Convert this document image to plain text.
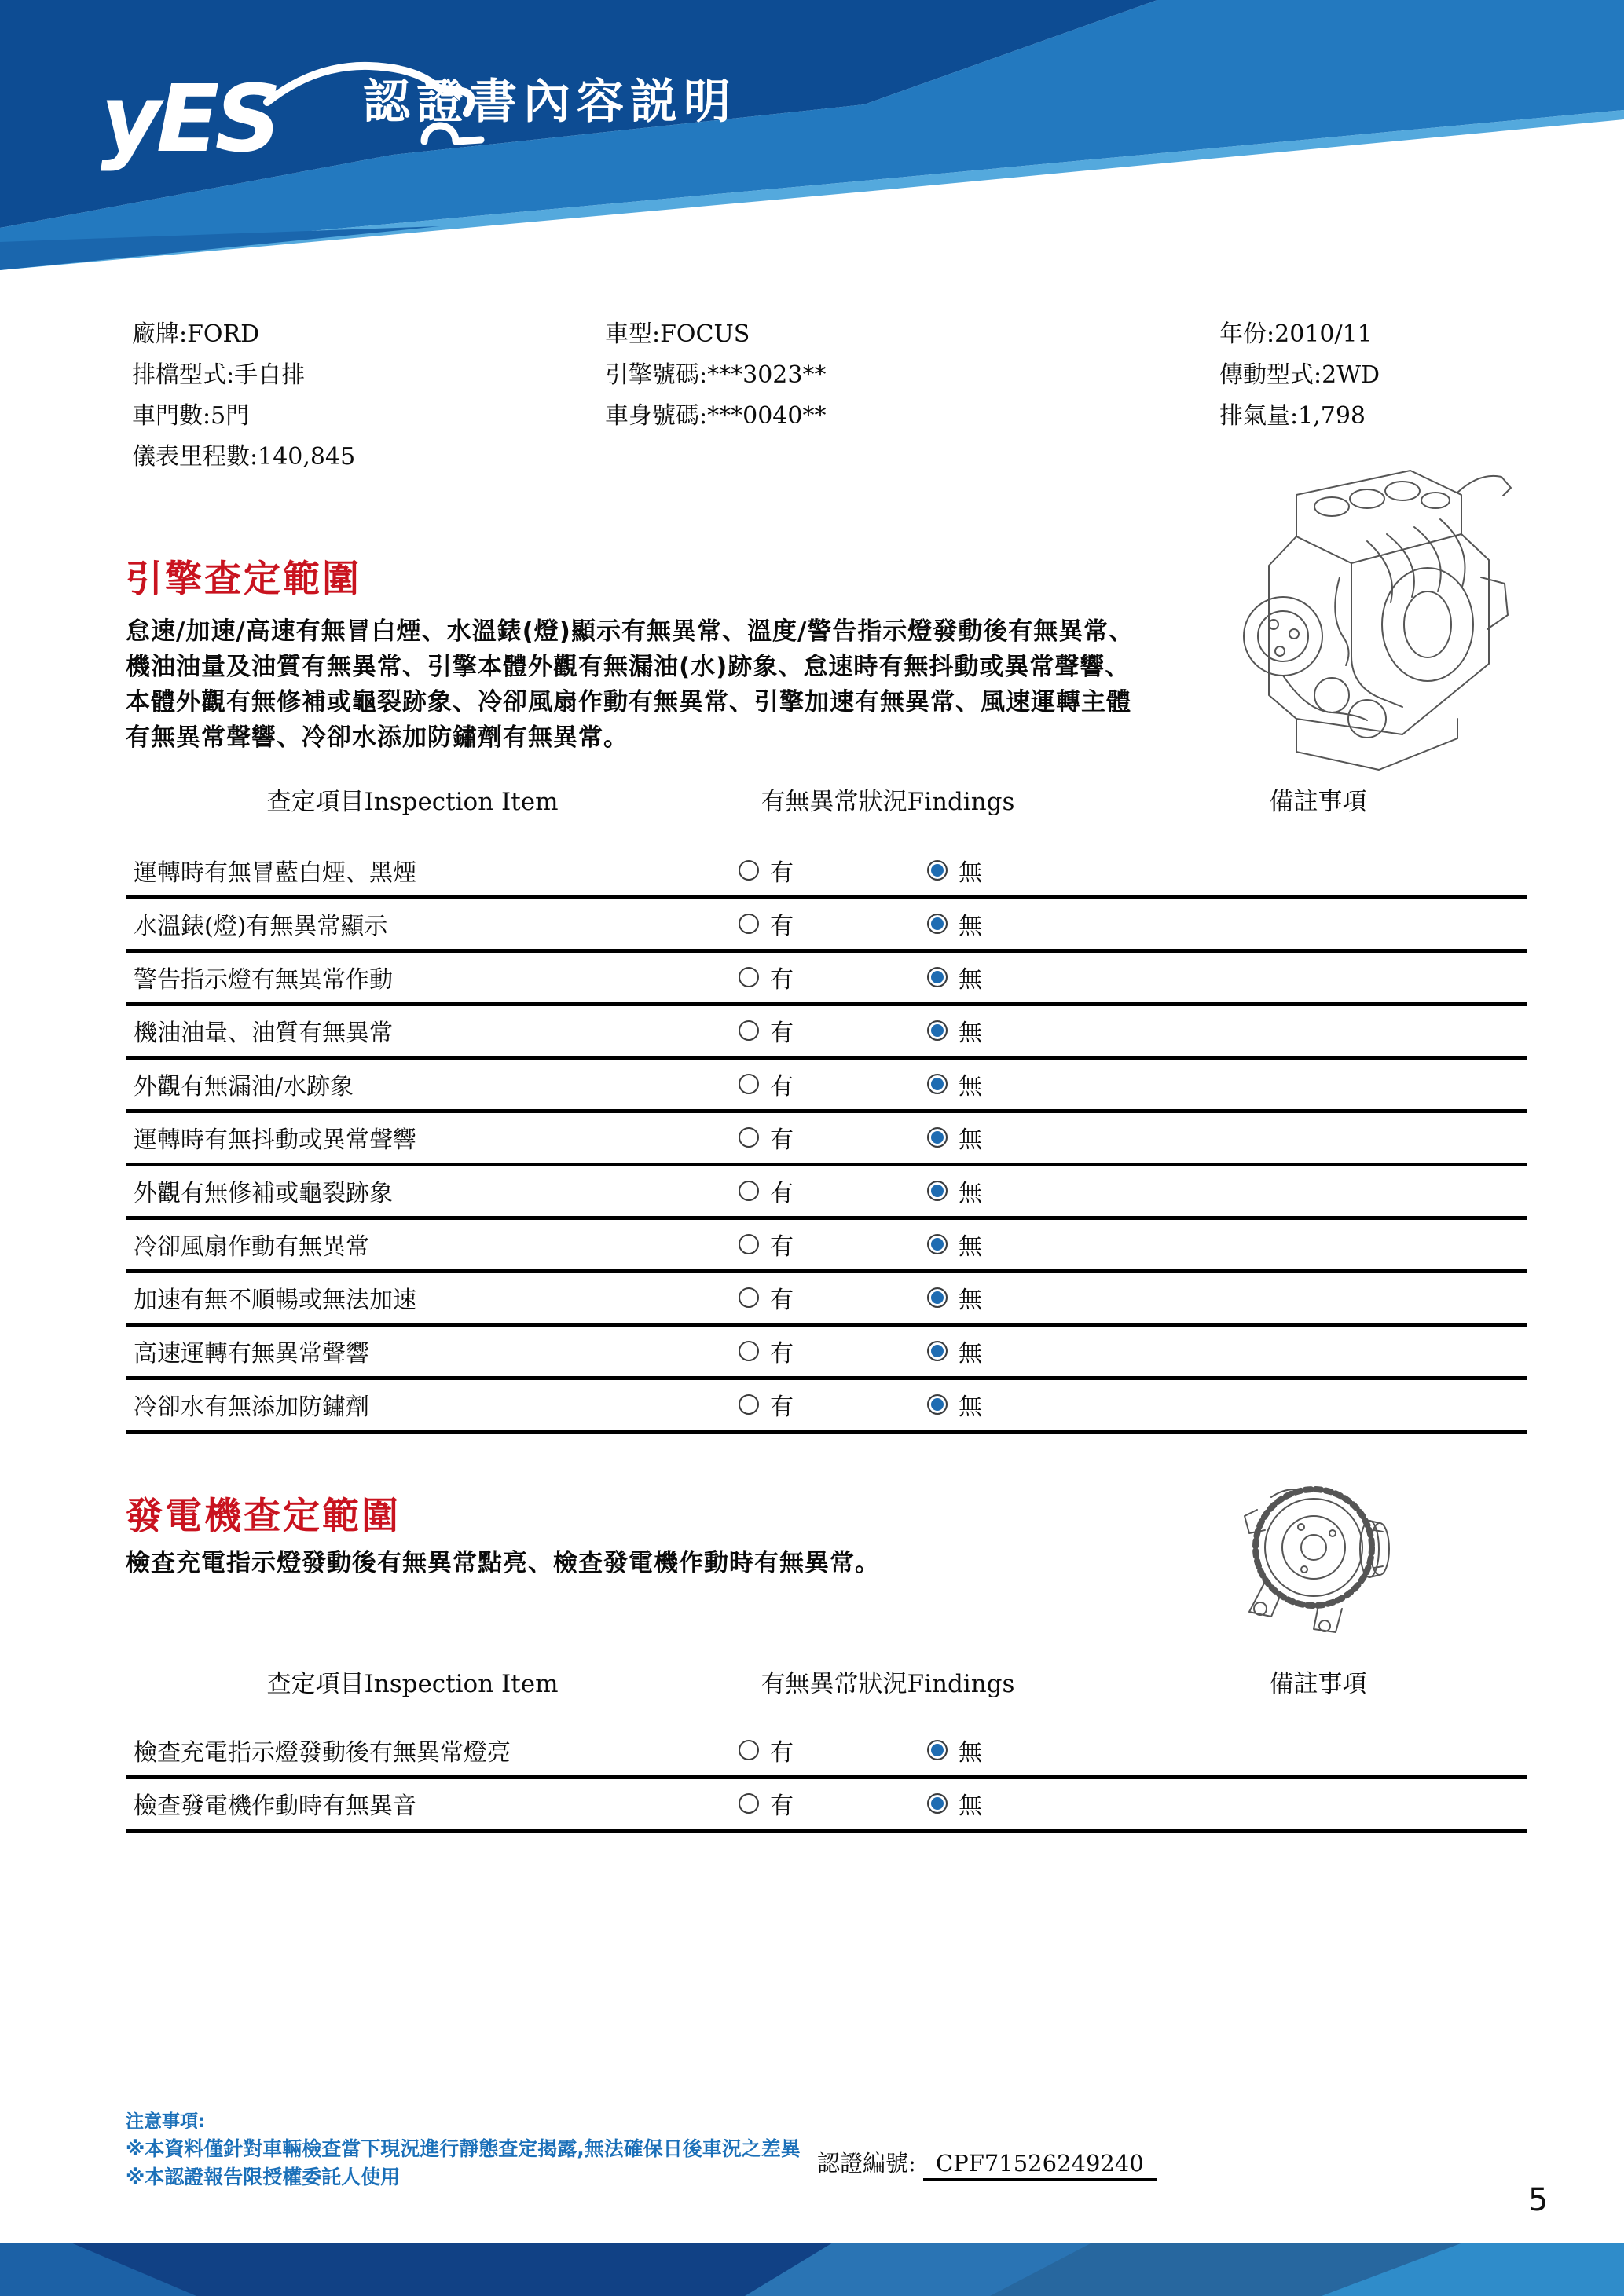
yES 認證書內容説明
廠牌:FORD
排檔型式:手自排
車門數:5門
儀表里程數:140,845
車型:FOCUS
引擎號碼:***3023**
車身號碼:***0040**
年份:2010/11
傳動型式:2WD
排氣量:1,798
引擎查定範圍
怠速/加速/高速有無冒白煙、水溫錶(燈)顯示有無異常、溫度/警告指示燈發動後有無異常、
機油油量及油質有無異常、引擎本體外觀有無漏油(水)跡象、怠速時有無抖動或異常聲響、
本體外觀有無修補或龜裂跡象、冷卻風扇作動有無異常、引擎加速有無異常、風速運轉主體
有無異常聲響、冷卻水添加防鏽劑有無異常。
查定項目Inspection Item	有無異常狀況Findings	備註事項
運轉時有無冒藍白煙、黑煙	有	無
水溫錶(燈)有無異常顯示	有	無
警告指示燈有無異常作動	有	無
機油油量、油質有無異常	有	無
外觀有無漏油/水跡象	有	無
運轉時有無抖動或異常聲響	有	無
外觀有無修補或龜裂跡象	有	無
冷卻風扇作動有無異常	有	無
加速有無不順暢或無法加速	有	無
高速運轉有無異常聲響	有	無
冷卻水有無添加防鏽劑	有	無
發電機查定範圍
檢查充電指示燈發動後有無異常點亮、檢查發電機作動時有無異常。
查定項目Inspection Item	有無異常狀況Findings	備註事項
檢查充電指示燈發動後有無異常燈亮	有	無
檢查發電機作動時有無異音	有	無
注意事項:
※本資料僅針對車輛檢查當下現況進行靜態查定揭露,無法確保日後車況之差異
※本認證報告限授權委託人使用
認證編號: CPF71526249240
5
